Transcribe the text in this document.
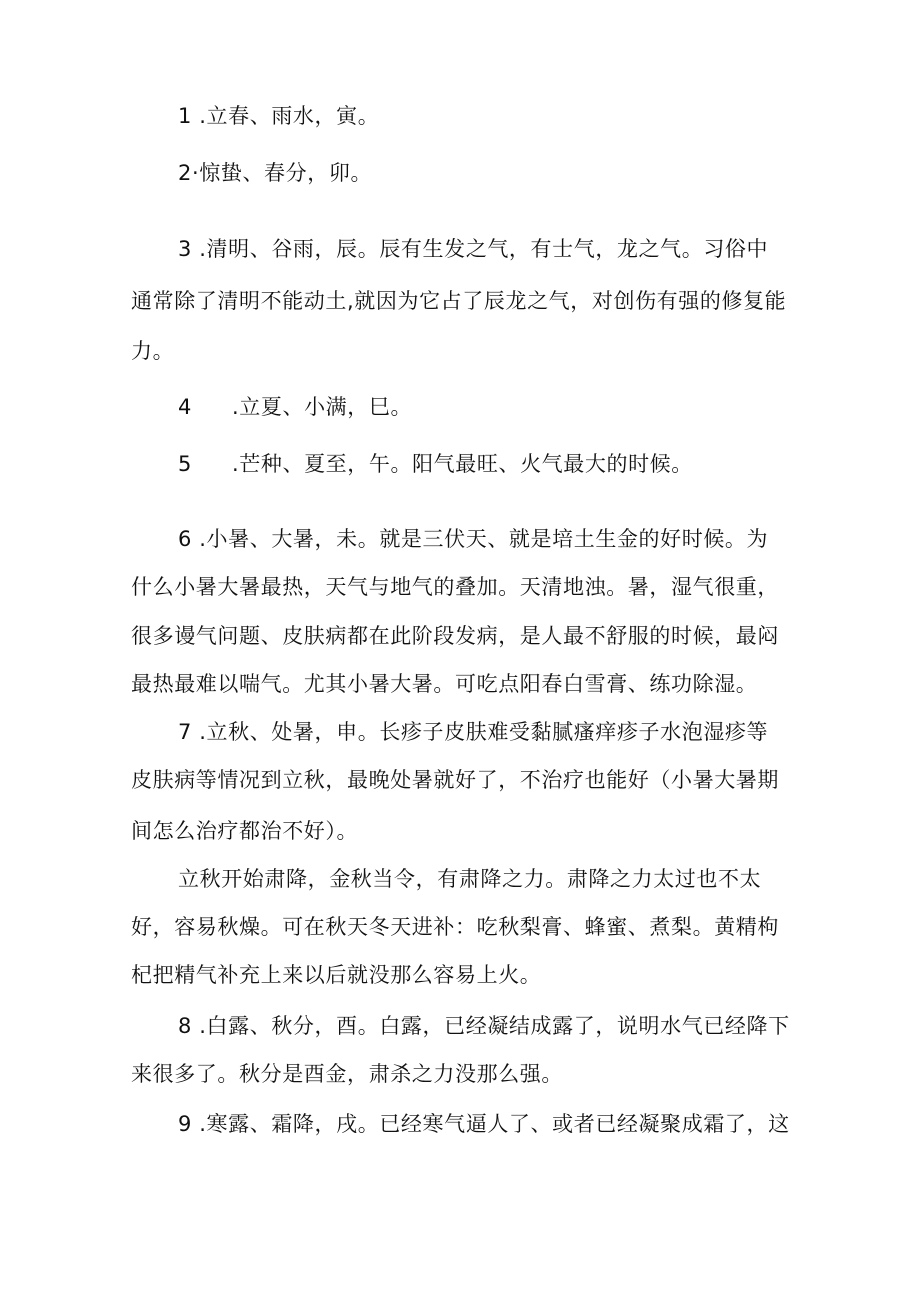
1 .立春、雨水，寅。
2·惊蛰、春分，卯。
3 .清明、谷雨，辰。辰有生发之气，有士气，龙之气。习俗中
通常除了清明不能动土,就因为它占了辰龙之气，对创伤有强的修复能
力。
4 .立夏、小满，巳。
5 .芒种、夏至，午。阳气最旺、火气最大的时候。
6 .小暑、大暑，未。就是三伏天、就是培土生金的好时候。为
什么小暑大暑最热，天气与地气的叠加。天清地浊。暑，湿气很重，
很多谩气问题、皮肤病都在此阶段发病，是人最不舒服的时候，最闷
最热最难以喘气。尤其小暑大暑。可吃点阳春白雪膏、练功除湿。
7 .立秋、处暑，申。长疹子皮肤难受黏腻瘙痒疹子水泡湿疹等
皮肤病等情况到立秋，最晚处暑就好了，不治疗也能好（小暑大暑期
间怎么治疗都治不好）。
立秋开始肃降，金秋当令，有肃降之力。肃降之力太过也不太
好，容易秋燥。可在秋天冬天进补：吃秋梨膏、蜂蜜、煮梨。黄精枸
杞把精气补充上来以后就没那么容易上火。
8 .白露、秋分，酉。白露，已经凝结成露了，说明水气已经降下
来很多了。秋分是酉金，肃杀之力没那么强。
9 .寒露、霜降，戌。已经寒气逼人了、或者已经凝聚成霜了，这
